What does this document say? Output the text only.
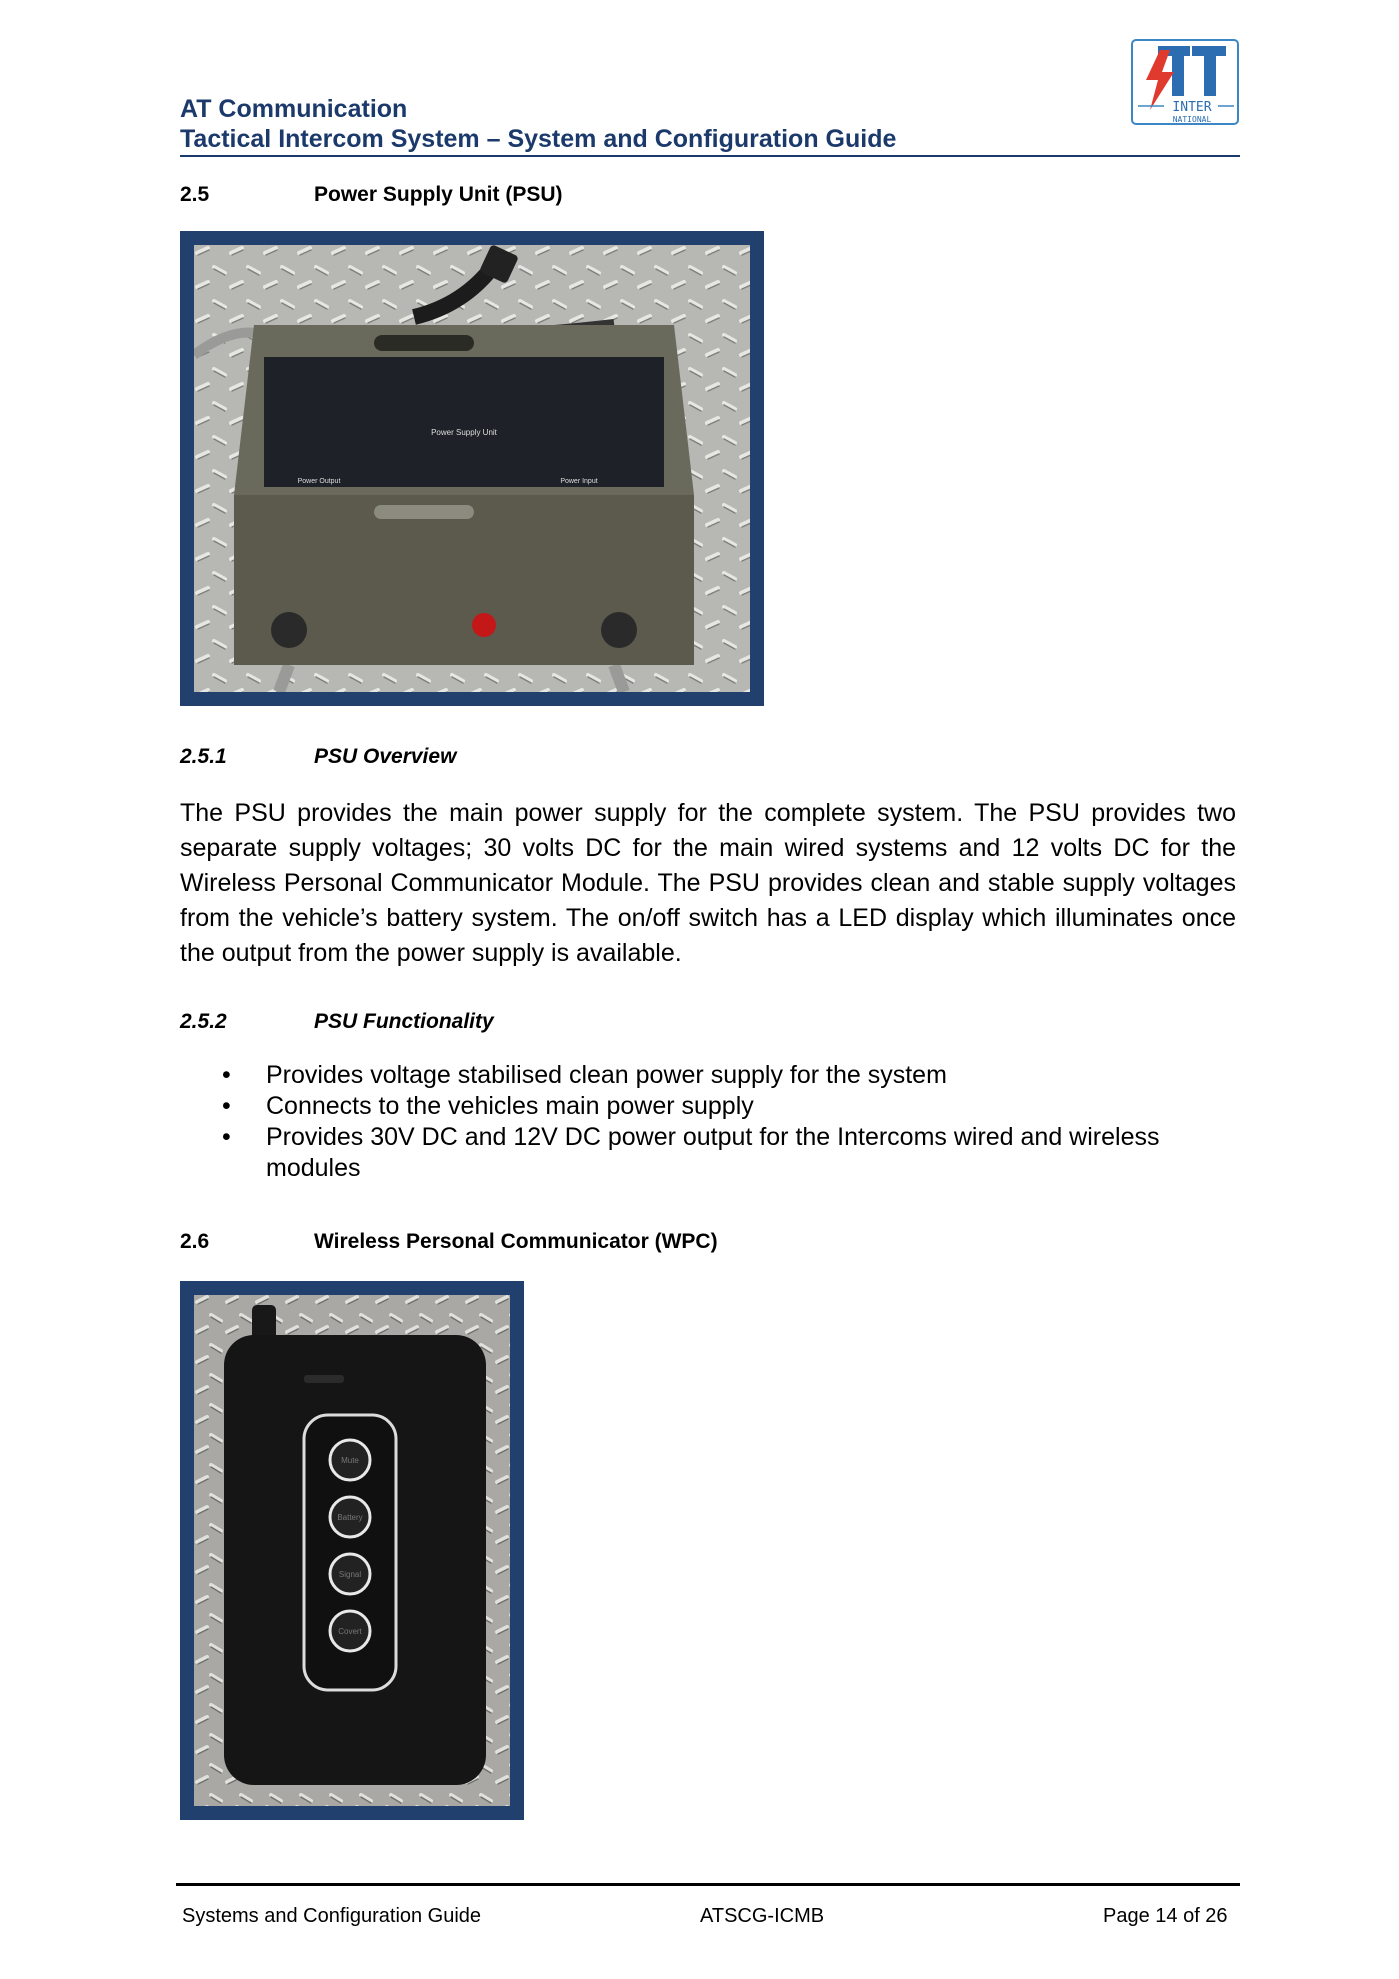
AT Communication
Tactical Intercom System – System and Configuration Guide
INTER
NATIONAL
2.5	Power Supply Unit (PSU)
Power Supply Unit
Power Output	Power Input
2.5.1	PSU Overview
The PSU provides the main power supply for the complete system. The PSU provides two separate supply voltages; 30 volts DC for the main wired systems and 12 volts DC for the Wireless Personal Communicator Module. The PSU provides clean and stable supply voltages from the vehicle’s battery system. The on/off switch has a LED display which illuminates once the output from the power supply is available.
2.5.2	PSU Functionality
• Provides voltage stabilised clean power supply for the system
• Connects to the vehicles main power supply
• Provides 30V DC and 12V DC power output for the Intercoms wired and wireless modules
2.6	Wireless Personal Communicator (WPC)
Mute
Battery
Signal
Covert
Systems and Configuration Guide	ATSCG-ICMB	Page 14 of 26
